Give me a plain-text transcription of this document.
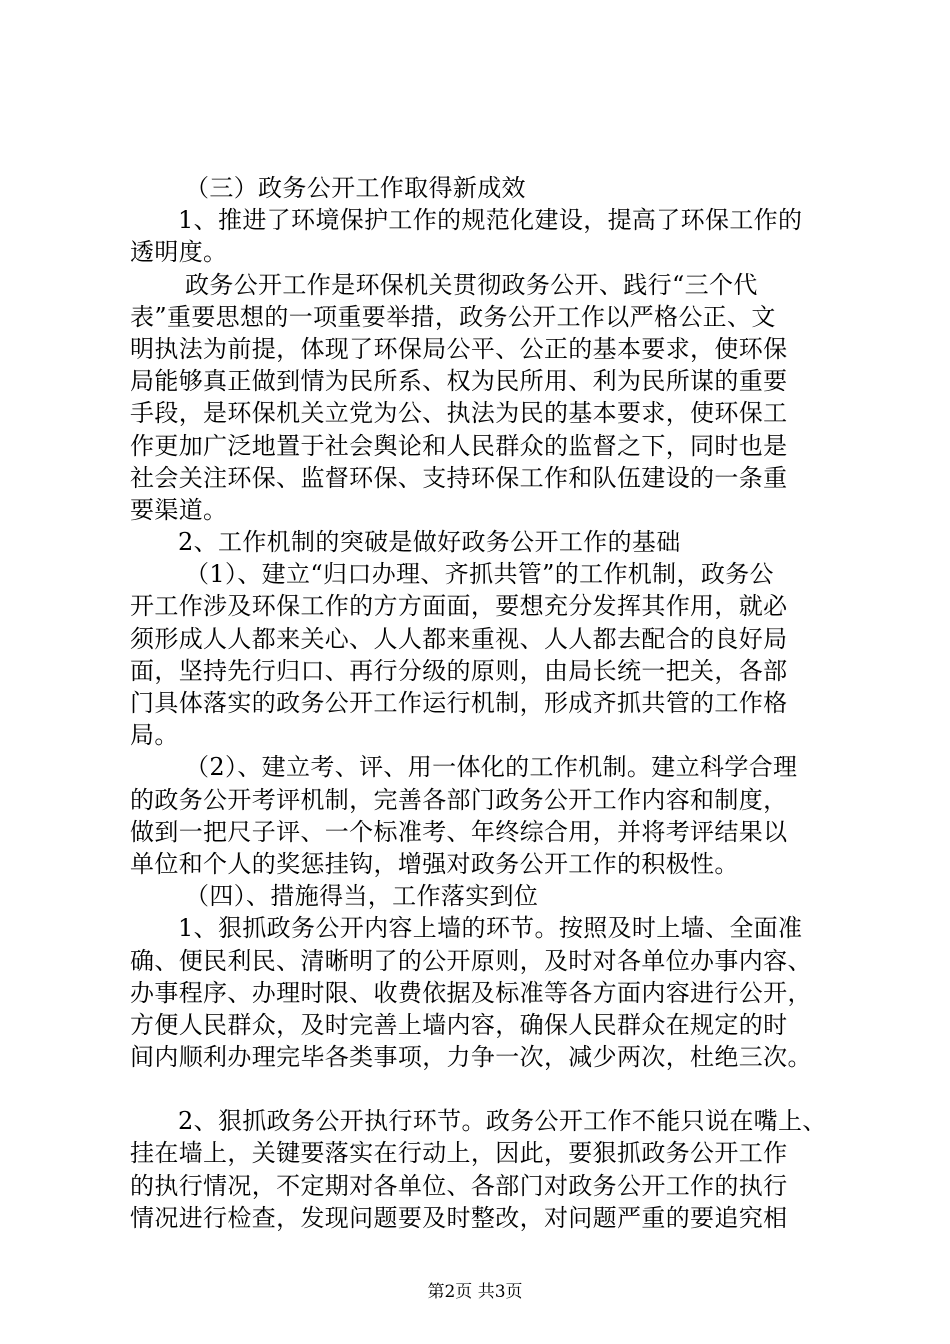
（三）政务公开工作取得新成效
1、推进了环境保护工作的规范化建设，提高了环保工作的
透明度。
政务公开工作是环保机关贯彻政务公开、践行“三个代
表”重要思想的一项重要举措，政务公开工作以严格公正、文
明执法为前提，体现了环保局公平、公正的基本要求，使环保
局能够真正做到情为民所系、权为民所用、利为民所谋的重要
手段，是环保机关立党为公、执法为民的基本要求，使环保工
作更加广泛地置于社会舆论和人民群众的监督之下，同时也是
社会关注环保、监督环保、支持环保工作和队伍建设的一条重
要渠道。
2、工作机制的突破是做好政务公开工作的基础
（1）、建立“归口办理、齐抓共管”的工作机制，政务公
开工作涉及环保工作的方方面面，要想充分发挥其作用，就必
须形成人人都来关心、人人都来重视、人人都去配合的良好局
面，坚持先行归口、再行分级的原则，由局长统一把关，各部
门具体落实的政务公开工作运行机制，形成齐抓共管的工作格
局。
（2）、建立考、评、用一体化的工作机制。建立科学合理
的政务公开考评机制，完善各部门政务公开工作内容和制度，
做到一把尺子评、一个标准考、年终综合用，并将考评结果以
单位和个人的奖惩挂钩，增强对政务公开工作的积极性。
（四）、措施得当，工作落实到位
1、狠抓政务公开内容上墙的环节。按照及时上墙、全面准
确、便民利民、清晰明了的公开原则，及时对各单位办事内容、
办事程序、办理时限、收费依据及标准等各方面内容进行公开，
方便人民群众，及时完善上墙内容，确保人民群众在规定的时
间内顺利办理完毕各类事项，力争一次，减少两次，杜绝三次。
2、狠抓政务公开执行环节。政务公开工作不能只说在嘴上、
挂在墙上，关键要落实在行动上，因此，要狠抓政务公开工作
的执行情况，不定期对各单位、各部门对政务公开工作的执行
情况进行检查，发现问题要及时整改，对问题严重的要追究相
第2页 共3页
